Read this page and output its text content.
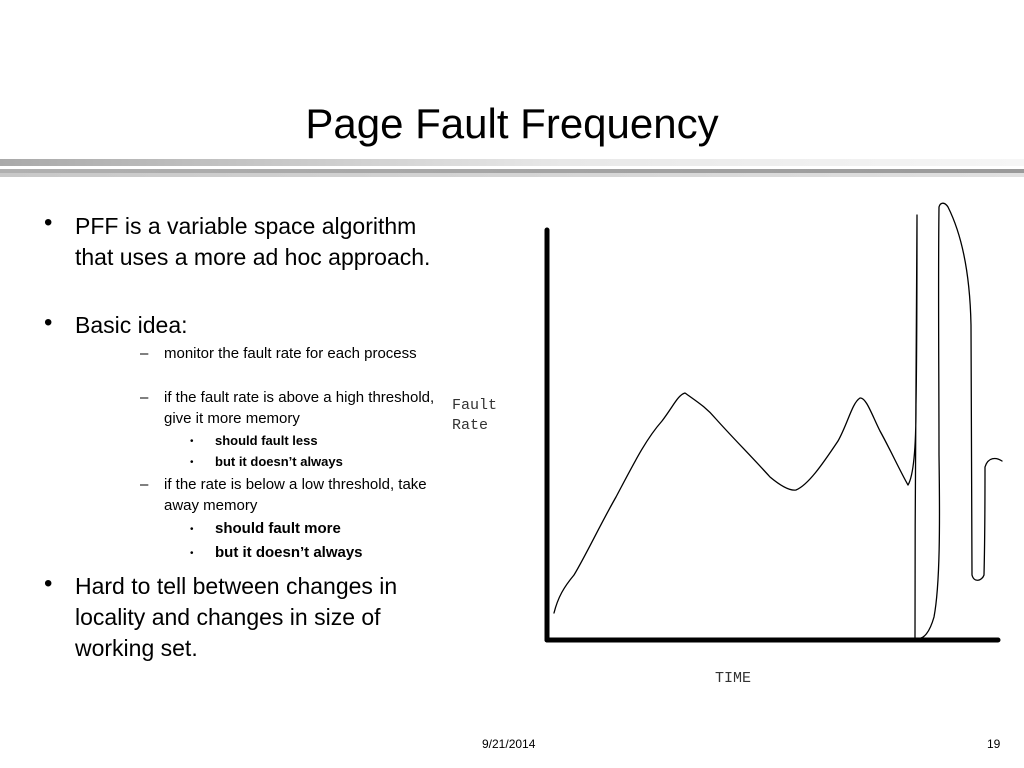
Page Fault Frequency
• PFF is a variable space algorithm that uses a more ad hoc approach.
• Basic idea:
– monitor the fault rate for each process
– if the fault rate is above a high threshold, give it more memory
• should fault less
• but it doesn’t always
– if the rate is below a low threshold, take away memory
• should fault more
• but it doesn’t always
• Hard to tell between changes in locality and changes in size of working set.
Fault
Rate
TIME
9/21/2014	19
